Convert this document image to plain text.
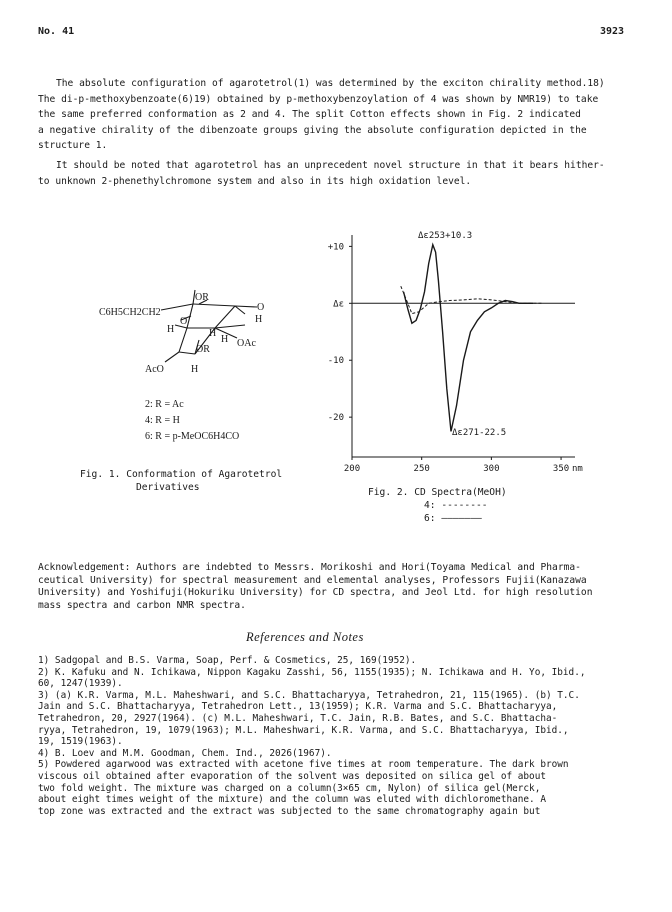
No. 41	3923
The absolute configuration of agarotetrol(1) was determined by the exciton chirality method.18)
The di-p-methoxybenzoate(6)19) obtained by p-methoxybenzoylation of 4 was shown by NMR19) to take
the same preferred conformation as 2 and 4. The split Cotton effects shown in Fig. 2 indicated
a negative chirality of the dibenzoate groups giving the absolute configuration depicted in the
structure 1.
It should be noted that agarotetrol has an unprecedent novel structure in that it bears hither-
to unknown 2-phenethylchromone system and also in its high oxidation level.
C6H5CH2CH2
OR
O
H
H
O
H
H
OR
OAc
AcO	H
2: R = Ac
4: R = H
6: R = p-MeOC6H4CO
Fig. 1. Conformation of Agarotetrol
Derivatives
+10
Δε
-10
-20
200	250	300	350 nm
Δε253+10.3
Δε271-22.5
Fig. 2. CD Spectra(MeOH)
4: --------
6: ———————
Acknowledgement: Authors are indebted to Messrs. Morikoshi and Hori(Toyama Medical and Pharma-
ceutical University) for spectral measurement and elemental analyses, Professors Fujii(Kanazawa
University) and Yoshifuji(Hokuriku University) for CD spectra, and Jeol Ltd. for high resolution
mass spectra and carbon NMR spectra.
References and Notes
1) Sadgopal and B.S. Varma, Soap, Perf. & Cosmetics, 25, 169(1952).
2) K. Kafuku and N. Ichikawa, Nippon Kagaku Zasshi, 56, 1155(1935); N. Ichikawa and H. Yo, Ibid.,
60, 1247(1939).
3) (a) K.R. Varma, M.L. Maheshwari, and S.C. Bhattacharyya, Tetrahedron, 21, 115(1965). (b) T.C.
Jain and S.C. Bhattacharyya, Tetrahedron Lett., 13(1959); K.R. Varma and S.C. Bhattacharyya,
Tetrahedron, 20, 2927(1964). (c) M.L. Maheshwari, T.C. Jain, R.B. Bates, and S.C. Bhattacha-
ryya, Tetrahedron, 19, 1079(1963); M.L. Maheshwari, K.R. Varma, and S.C. Bhattacharyya, Ibid.,
19, 1519(1963).
4) B. Loev and M.M. Goodman, Chem. Ind., 2026(1967).
5) Powdered agarwood was extracted with acetone five times at room temperature. The dark brown
viscous oil obtained after evaporation of the solvent was deposited on silica gel of about
two fold weight. The mixture was charged on a column(3×65 cm, Nylon) of silica gel(Merck,
about eight times weight of the mixture) and the column was eluted with dichloromethane. A
top zone was extracted and the extract was subjected to the same chromatography again but
